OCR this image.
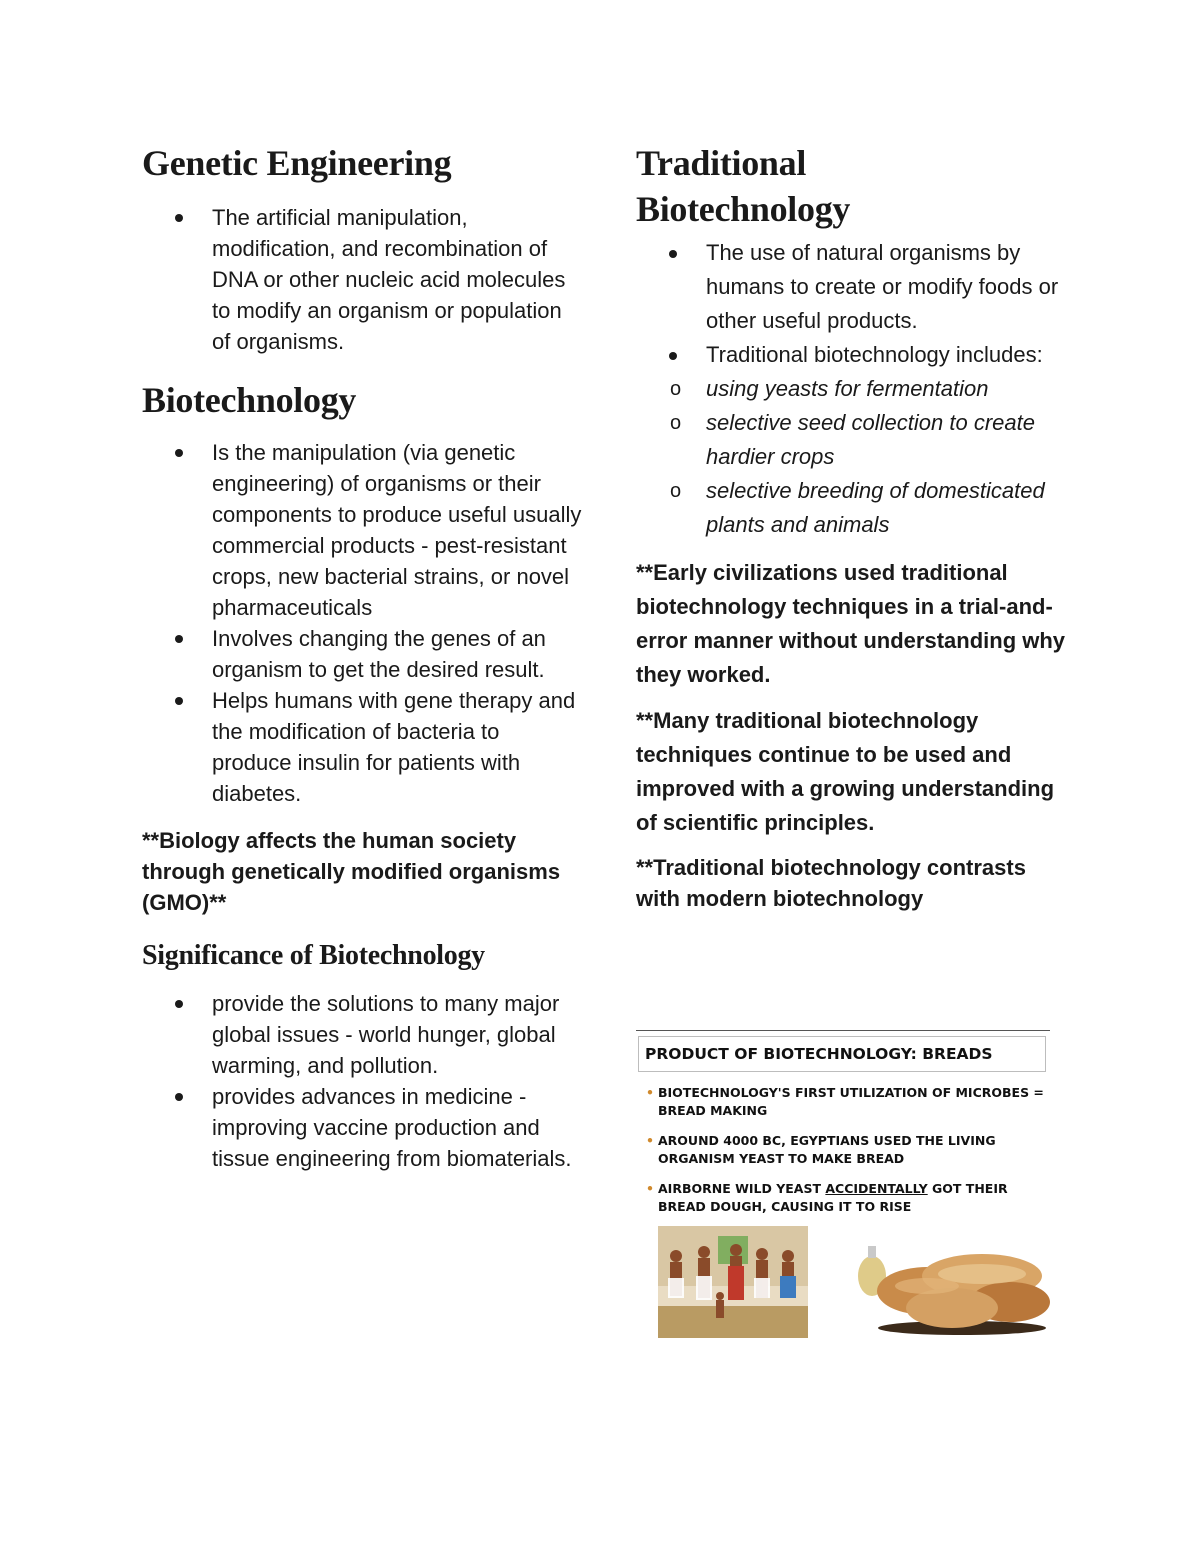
Genetic Engineering
The artificial manipulation, modification, and recombination of DNA or other nucleic acid molecules to modify an organism or population of organisms.
Biotechnology
Is the manipulation (via genetic engineering) of organisms or their components to produce useful usually commercial products - pest-resistant crops, new bacterial strains, or novel pharmaceuticals
Involves changing the genes of an organism to get the desired result.
Helps humans with gene therapy and the modification of bacteria to produce insulin for patients with diabetes.

**Biology affects the human society through genetically modified organisms (GMO)**

Significance of Biotechnology
provide the solutions to many major global issues - world hunger, global warming, and pollution.
provides advances in medicine - improving vaccine production and tissue engineering from biomaterials.
Traditional
Biotechnology
The use of natural organisms by humans to create or modify foods or other useful products.
Traditional biotechnology includes:
o using yeasts for fermentation
o selective seed collection to create hardier crops
o selective breeding of domesticated plants and animals

**Early civilizations used traditional biotechnology techniques in a trial-and-error manner without understanding why they worked.

**Many traditional biotechnology techniques continue to be used and improved with a growing understanding of scientific principles.

**Traditional biotechnology contrasts with modern biotechnology

PRODUCT OF BIOTECHNOLOGY: BREADS
• BIOTECHNOLOGY'S FIRST UTILIZATION OF MICROBES = BREAD MAKING
• AROUND 4000 BC, EGYPTIANS USED THE LIVING ORGANISM YEAST TO MAKE BREAD
• AIRBORNE WILD YEAST ACCIDENTALLY GOT THEIR BREAD DOUGH, CAUSING IT TO RISE
